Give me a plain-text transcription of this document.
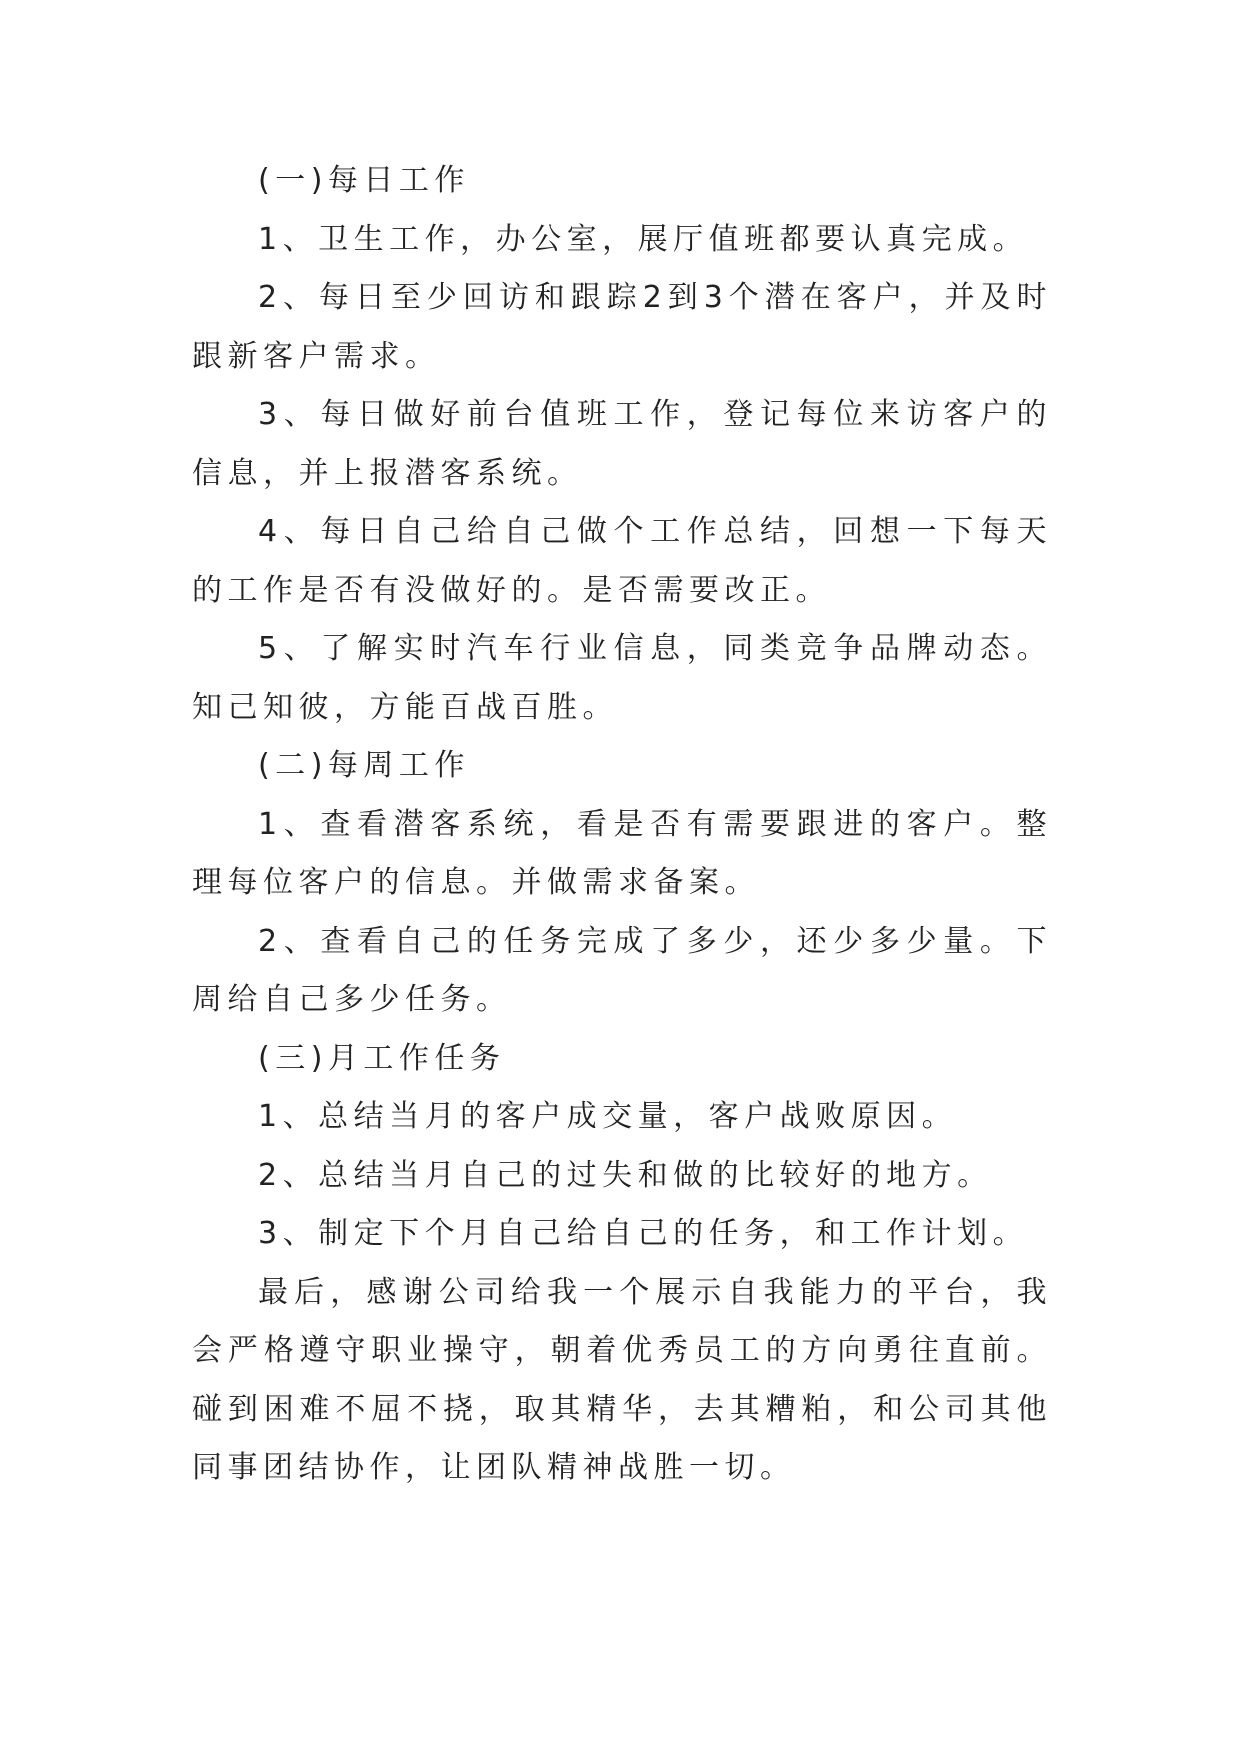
(一)每日工作

1、卫生工作，办公室，展厅值班都要认真完成。

2、每日至少回访和跟踪2到3个潜在客户，并及时跟新客户需求。

3、每日做好前台值班工作，登记每位来访客户的信息，并上报潜客系统。

4、每日自己给自己做个工作总结，回想一下每天的工作是否有没做好的。是否需要改正。

5、了解实时汽车行业信息，同类竞争品牌动态。知己知彼，方能百战百胜。

(二)每周工作

1、查看潜客系统，看是否有需要跟进的客户。整理每位客户的信息。并做需求备案。

2、查看自己的任务完成了多少，还少多少量。下周给自己多少任务。

(三)月工作任务

1、总结当月的客户成交量，客户战败原因。

2、总结当月自己的过失和做的比较好的地方。

3、制定下个月自己给自己的任务，和工作计划。

最后，感谢公司给我一个展示自我能力的平台，我会严格遵守职业操守，朝着优秀员工的方向勇往直前。碰到困难不屈不挠，取其精华，去其糟粕，和公司其他同事团结协作，让团队精神战胜一切。
